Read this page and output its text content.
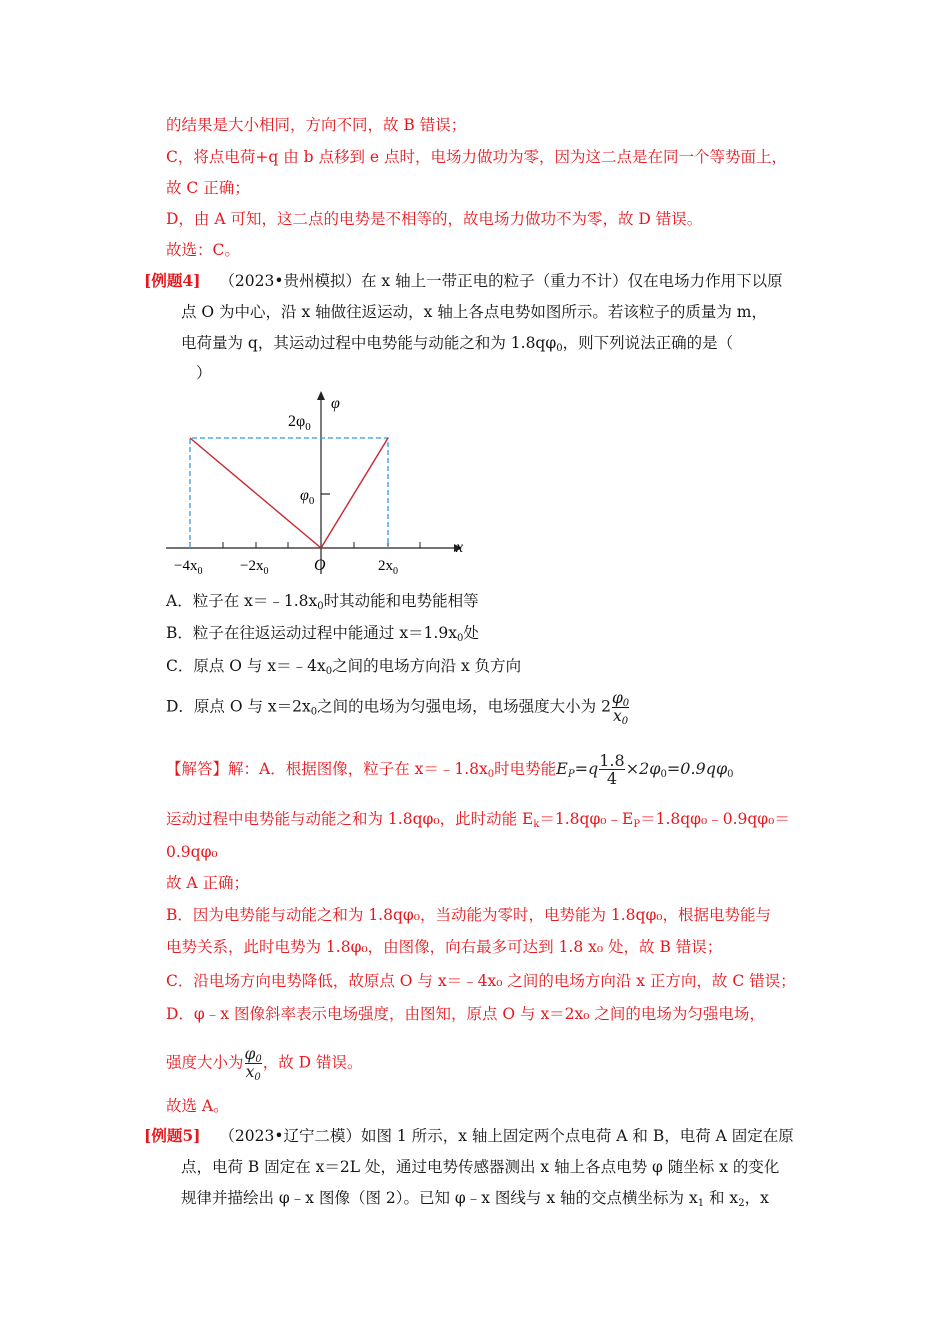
的结果是大小相同，方向不同，故 B 错误；
C，将点电荷+q 由 b 点移到 e 点时，电场力做功为零，因为这二点是在同一个等势面上，
故 C 正确；
D，由 A 可知，这二点的电势是不相等的，故电场力做功不为零，故 D 错误。
故选：C。
[例题4] （2023•贵州模拟）在 x 轴上一带正电的粒子（重力不计）仅在电场力作用下以原
点 O 为中心，沿 x 轴做往返运动，x 轴上各点电势如图所示。若该粒子的质量为 m，
电荷量为 q，其运动过程中电势能与动能之和为 $1.8q\varphi_0$，则下列说法正确的是（
）
φ
x
$2\varphi_0$
$\varphi_0$
$-4x_0$	$-2x_0$	O	$2x_0$
A．粒子在 $x=﹣1.8x_0$时其动能和电势能相等
B．粒子在往返运动过程中能通过 $x=1.9x_0$处
C．原点 O 与 $x=﹣4x_0$之间的电场方向沿 x 负方向
D．原点 O 与 $x=2x_0$之间的电场为匀强电场，电场强度大小为 $2 \frac{\varphi_0}{x_0}$
【解答】解：A．根据图像，粒子在 $x=﹣1.8x_0$时电势能$E_P=q \frac{1.8}{4} \times 2\varphi_0=0.9q\varphi_0$
运动过程中电势能与动能之和为 1.8qφ₀，此时动能 $E_k=1.8q\varphi_0﹣E_P=1.8q\varphi_0﹣0.9q\varphi_0=$
0.9qφ₀
故 A 正确；
B．因为电势能与动能之和为 1.8qφ₀，当动能为零时，电势能为 1.8qφ₀，根据电势能与
电势关系，此时电势为 1.8φ₀，由图像，向右最多可达到 1.8 x₀ 处，故 B 错误；
C．沿电场方向电势降低，故原点 O 与 x＝﹣4x₀ 之间的电场方向沿 x 正方向，故 C 错误；
D．φ﹣x 图像斜率表示电场强度，由图知，原点 O 与 x＝2x₀ 之间的电场为匀强电场，
强度大小为 $\frac{\varphi_0}{x_0}$ ，故 D 错误。
故选 A。
[例题5] （2023•辽宁二模）如图 1 所示，x 轴上固定两个点电荷 A 和 B，电荷 A 固定在原
点，电荷 B 固定在 x＝2L 处，通过电势传感器测出 x 轴上各点电势 φ 随坐标 x 的变化
规律并描绘出 φ﹣x 图像（图 2）。已知 φ﹣x 图线与 x 轴的交点横坐标为 $x_1$ 和 $x_2$，x
